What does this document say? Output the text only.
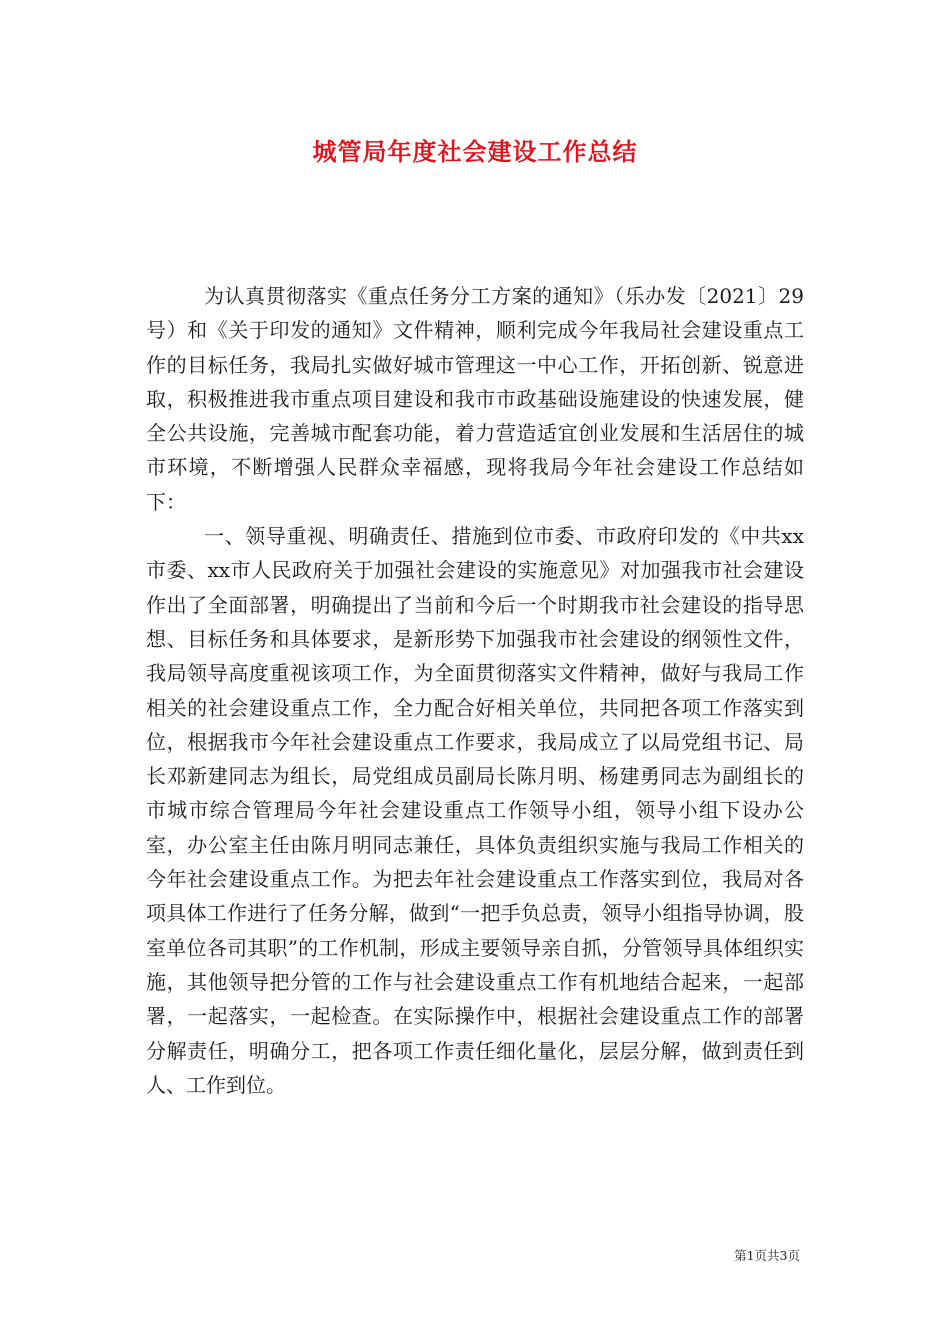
城管局年度社会建设工作总结

为认真贯彻落实《重点任务分工方案的通知》（乐办发〔2021〕29号）和《关于印发的通知》文件精神，顺利完成今年我局社会建设重点工作的目标任务，我局扎实做好城市管理这一中心工作，开拓创新、锐意进取，积极推进我市重点项目建设和我市市政基础设施建设的快速发展，健全公共设施，完善城市配套功能，着力营造适宜创业发展和生活居住的城市环境，不断增强人民群众幸福感，现将我局今年社会建设工作总结如下：

一、领导重视、明确责任、措施到位市委、市政府印发的《中共xx市委、xx市人民政府关于加强社会建设的实施意见》对加强我市社会建设作出了全面部署，明确提出了当前和今后一个时期我市社会建设的指导思想、目标任务和具体要求，是新形势下加强我市社会建设的纲领性文件，我局领导高度重视该项工作，为全面贯彻落实文件精神，做好与我局工作相关的社会建设重点工作，全力配合好相关单位，共同把各项工作落实到位，根据我市今年社会建设重点工作要求，我局成立了以局党组书记、局长邓新建同志为组长，局党组成员副局长陈月明、杨建勇同志为副组长的市城市综合管理局今年社会建设重点工作领导小组，领导小组下设办公室，办公室主任由陈月明同志兼任，具体负责组织实施与我局工作相关的今年社会建设重点工作。为把去年社会建设重点工作落实到位，我局对各项具体工作进行了任务分解，做到“一把手负总责，领导小组指导协调，股室单位各司其职”的工作机制，形成主要领导亲自抓，分管领导具体组织实施，其他领导把分管的工作与社会建设重点工作有机地结合起来，一起部署，一起落实，一起检查。在实际操作中，根据社会建设重点工作的部署分解责任，明确分工，把各项工作责任细化量化，层层分解，做到责任到人、工作到位。

第1页共3页
